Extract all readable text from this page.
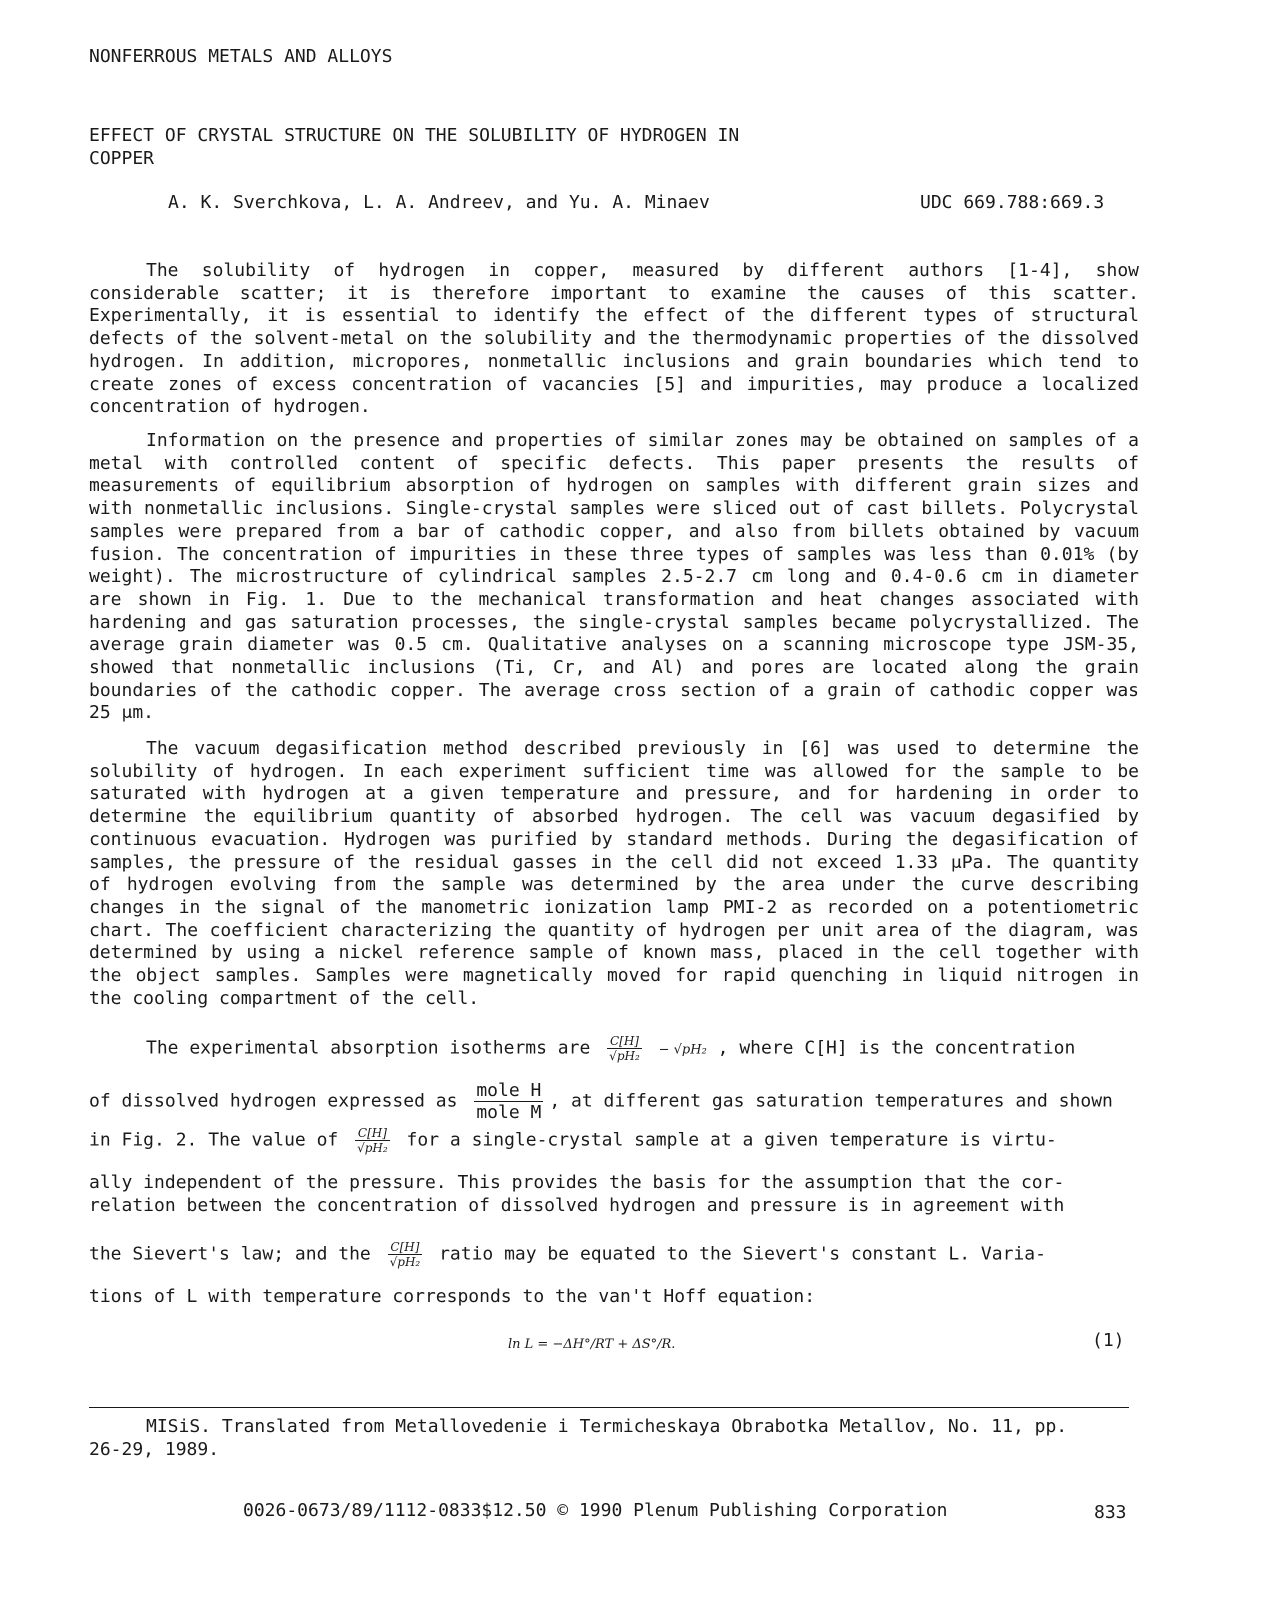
NONFERROUS METALS AND ALLOYS
EFFECT OF CRYSTAL STRUCTURE ON THE SOLUBILITY OF HYDROGEN IN COPPER
A. K. Sverchkova, L. A. Andreev, and Yu. A. Minaev	UDC 669.788:669.3

The solubility of hydrogen in copper, measured by different authors [1-4], show considerable scatter; it is therefore important to examine the causes of this scatter. Experimentally, it is essential to identify the effect of the different types of structural defects of the solvent-metal on the solubility and the thermodynamic properties of the dissolved hydrogen. In addition, micropores, nonmetallic inclusions and grain boundaries which tend to create zones of excess concentration of vacancies [5] and impurities, may produce a localized concentration of hydrogen.

Information on the presence and properties of similar zones may be obtained on samples of a metal with controlled content of specific defects. This paper presents the results of measurements of equilibrium absorption of hydrogen on samples with different grain sizes and with nonmetallic inclusions. Single-crystal samples were sliced out of cast billets. Polycrystal samples were prepared from a bar of cathodic copper, and also from billets obtained by vacuum fusion. The concentration of impurities in these three types of samples was less than 0.01% (by weight). The microstructure of cylindrical samples 2.5-2.7 cm long and 0.4-0.6 cm in diameter are shown in Fig. 1. Due to the mechanical transformation and heat changes associated with hardening and gas saturation processes, the single-crystal samples became polycrystallized. The average grain diameter was 0.5 cm. Qualitative analyses on a scanning microscope type JSM-35, showed that nonmetallic inclusions (Ti, Cr, and Al) and pores are located along the grain boundaries of the cathodic copper. The average cross section of a grain of cathodic copper was 25 μm.

The vacuum degasification method described previously in [6] was used to determine the solubility of hydrogen. In each experiment sufficient time was allowed for the sample to be saturated with hydrogen at a given temperature and pressure, and for hardening in order to determine the equilibrium quantity of absorbed hydrogen. The cell was vacuum degasified by continuous evacuation. Hydrogen was purified by standard methods. During the degasification of samples, the pressure of the residual gasses in the cell did not exceed 1.33 μPa. The quantity of hydrogen evolving from the sample was determined by the area under the curve describing changes in the signal of the manometric ionization lamp PMI-2 as recorded on a potentiometric chart. The coefficient characterizing the quantity of hydrogen per unit area of the diagram, was determined by using a nickel reference sample of known mass, placed in the cell together with the object samples. Samples were magnetically moved for rapid quenching in liquid nitrogen in the cooling compartment of the cell.

The experimental absorption isotherms are $\frac{C[H]}{\text{√pH₂}} - √pH_2$ , where C[H] is the concentration
of dissolved hydrogen expressed as $\frac{\text{mole H}}{\text{mole M}}$ , at different gas saturation temperatures and shown
in Fig. 2. The value of $\frac{C[H]}{\text{√pH₂}}$ for a single-crystal sample at a given temperature is virtu-
ally independent of the pressure. This provides the basis for the assumption that the cor-
relation between the concentration of dissolved hydrogen and pressure is in agreement with
the Sievert's law; and the $\frac{C[H]}{\text{√pH₂}}$ ratio may be equated to the Sievert's constant L. Varia-
tions of L with temperature corresponds to the van't Hoff equation:
ln L = −ΔH°/RT + ΔS°/R.	(1)

MISiS. Translated from Metallovedenie i Termicheskaya Obrabotka Metallov, No. 11, pp. 26-29, 1989.

0026-0673/89/1112-0833$12.50 © 1990 Plenum Publishing Corporation	833
